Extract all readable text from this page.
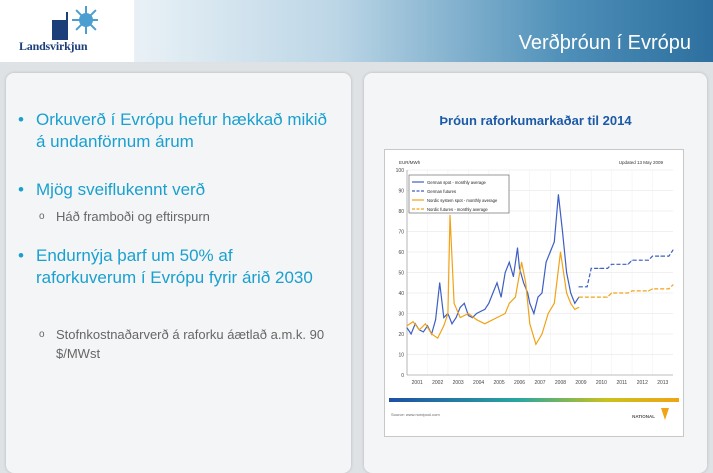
Landsvirkjun	Verðþróun í Evrópu
• Orkuverð í Evrópu hefur hækkað mikið á undanförnum árum
• Mjög sveiflukennt verð
o Háð framboði og eftirspurn
• Endurnýja þarf um 50% af raforkuverum í Evrópu fyrir árið 2030
o Stofnkostnaðarverð á raforku áætlað a.m.k. 90 $/MWst
Þróun raforkumarkaðar til 2014
0
10
20
30
40
50
60
70
80
90
100
2001 2002 2003 2004 2005 2006 2007 2008 2009 2010 2011 2012 2013
EUR/MWh	Updated 13 May 2009
Source: www.nordpool.com	NATIONAL
German spot - monthly average
German futures
Nordic system spot - monthly average
Nordic futures - monthly average
